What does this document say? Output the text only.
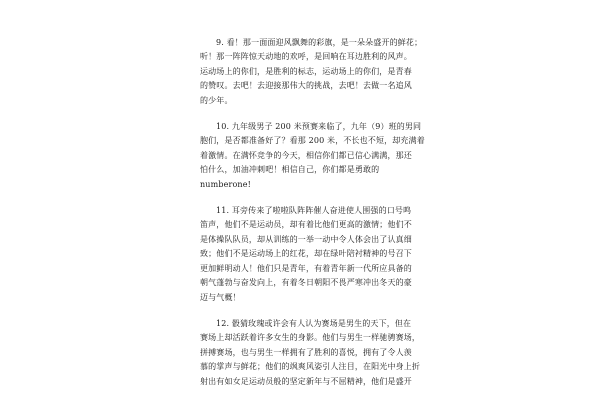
9. 看！那一面面迎风飘舞的彩旗，是一朵朵盛开的鲜花；
听！那一阵阵惊天动地的欢呼，是回响在耳边胜利的风声。
运动场上的你们，是胜利的标志，运动场上的你们，是青春
的赞叹。去吧！去迎接那伟大的挑战，去吧！去做一名追风
的少年。

10. 九年级男子 200 米预赛来临了，九年（9）班的男同
胞们，是否都准备好了？看那 200 米，不长也不短，却充满着
着激情。在满怀竞争的今天，相信你们都已信心满满，那还
怕什么，加油冲刺吧！相信自己，你们都是勇敢的
numberone!

11. 耳旁传来了啦啦队阵阵催人奋进使人围强的口号鸣
笛声，他们不是运动员，却有着比他们更高的激情；他们不
是体操队队员，却从训练的一举一动中令人体会出了认真细
致；他们不是运动场上的红花，却在绿叶陪衬精神的号召下
更加鲜明动人！他们只是青年，有着青年新一代所应具备的
朝气蓬勃与奋发向上，有着冬日朝阳不畏严寒冲出冬天的豪
迈与气概！

12. 骰猜玫瑰或许会有人认为赛场是男生的天下，但在
赛场上却活跃着许多女生的身影。他们与男生一样驰骋赛场，
拼搏赛场，也与男生一样拥有了胜利的喜悦，拥有了令人羡
慕的掌声与鲜花；他们的飒爽风姿引人注目，在阳光中身上折
射出有如女足运动员般的坚定新年与不屈精神，他们是盛开
